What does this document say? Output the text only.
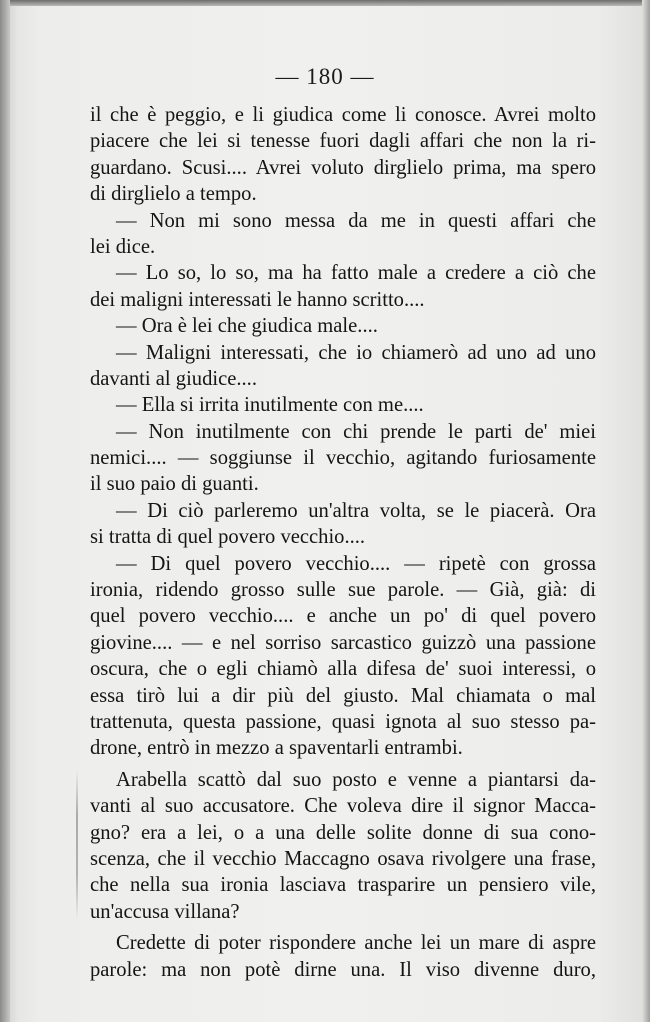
— 180 —
il che è peggio, e li giudica come li conosce. Avrei molto
piacere che lei si tenesse fuori dagli affari che non la ri-
guardano. Scusi.... Avrei voluto dirglielo prima, ma spero
di dirglielo a tempo.
— Non mi sono messa da me in questi affari che
lei dice.
— Lo so, lo so, ma ha fatto male a credere a ciò che
dei maligni interessati le hanno scritto....
— Ora è lei che giudica male....
— Maligni interessati, che io chiamerò ad uno ad uno
davanti al giudice....
— Ella si irrita inutilmente con me....
— Non inutilmente con chi prende le parti de' miei
nemici.... — soggiunse il vecchio, agitando furiosamente
il suo paio di guanti.
— Di ciò parleremo un'altra volta, se le piacerà. Ora
si tratta di quel povero vecchio....
— Di quel povero vecchio.... — ripetè con grossa
ironia, ridendo grosso sulle sue parole. — Già, già: di
quel povero vecchio.... e anche un po' di quel povero
giovine.... — e nel sorriso sarcastico guizzò una passione
oscura, che o egli chiamò alla difesa de' suoi interessi, o
essa tirò lui a dir più del giusto. Mal chiamata o mal
trattenuta, questa passione, quasi ignota al suo stesso pa-
drone, entrò in mezzo a spaventarli entrambi.
Arabella scattò dal suo posto e venne a piantarsi da-
vanti al suo accusatore. Che voleva dire il signor Macca-
gno? era a lei, o a una delle solite donne di sua cono-
scenza, che il vecchio Maccagno osava rivolgere una frase,
che nella sua ironia lasciava trasparire un pensiero vile,
un'accusa villana?
Credette di poter rispondere anche lei un mare di aspre
parole: ma non potè dirne una. Il viso divenne duro,
